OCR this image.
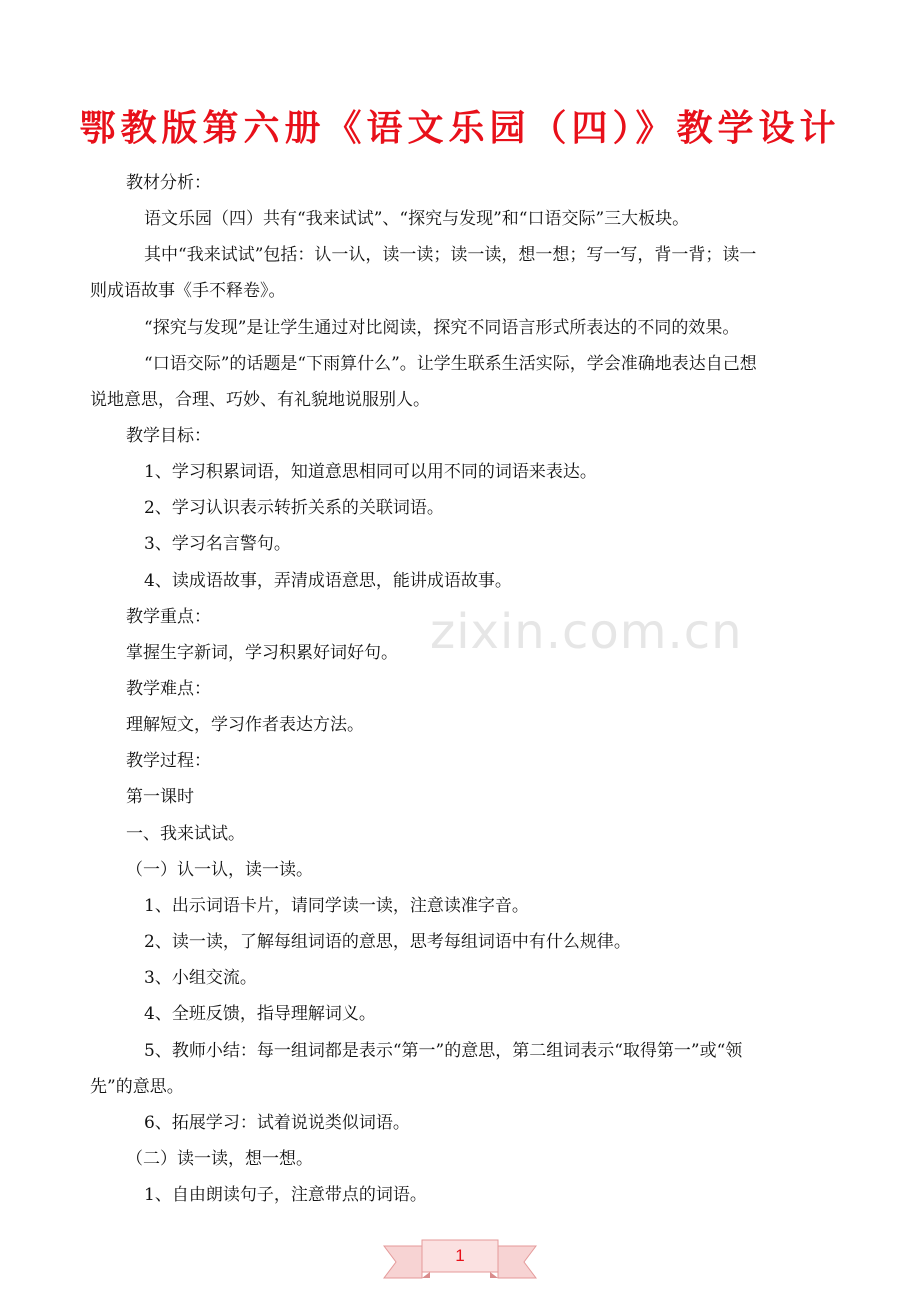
鄂教版第六册《语文乐园（四）》教学设计
zixin.com.cn
教材分析：
语文乐园（四）共有“我来试试”、“探究与发现”和“口语交际”三大板块。
其中“我来试试”包括：认一认，读一读；读一读，想一想；写一写，背一背；读一
则成语故事《手不释卷》。
“探究与发现”是让学生通过对比阅读，探究不同语言形式所表达的不同的效果。
“口语交际”的话题是“下雨算什么”。让学生联系生活实际，学会准确地表达自己想
说地意思，合理、巧妙、有礼貌地说服别人。
教学目标：
1、学习积累词语，知道意思相同可以用不同的词语来表达。
2、学习认识表示转折关系的关联词语。
3、学习名言警句。
4、读成语故事，弄清成语意思，能讲成语故事。
教学重点：
掌握生字新词，学习积累好词好句。
教学难点：
理解短文，学习作者表达方法。
教学过程：
第一课时
一、我来试试。
（一）认一认，读一读。
1、出示词语卡片，请同学读一读，注意读准字音。
2、读一读，了解每组词语的意思，思考每组词语中有什么规律。
3、小组交流。
4、全班反馈，指导理解词义。
5、教师小结：每一组词都是表示“第一”的意思，第二组词表示“取得第一”或“领
先”的意思。
6、拓展学习：试着说说类似词语。
（二）读一读，想一想。
1、自由朗读句子，注意带点的词语。
1
